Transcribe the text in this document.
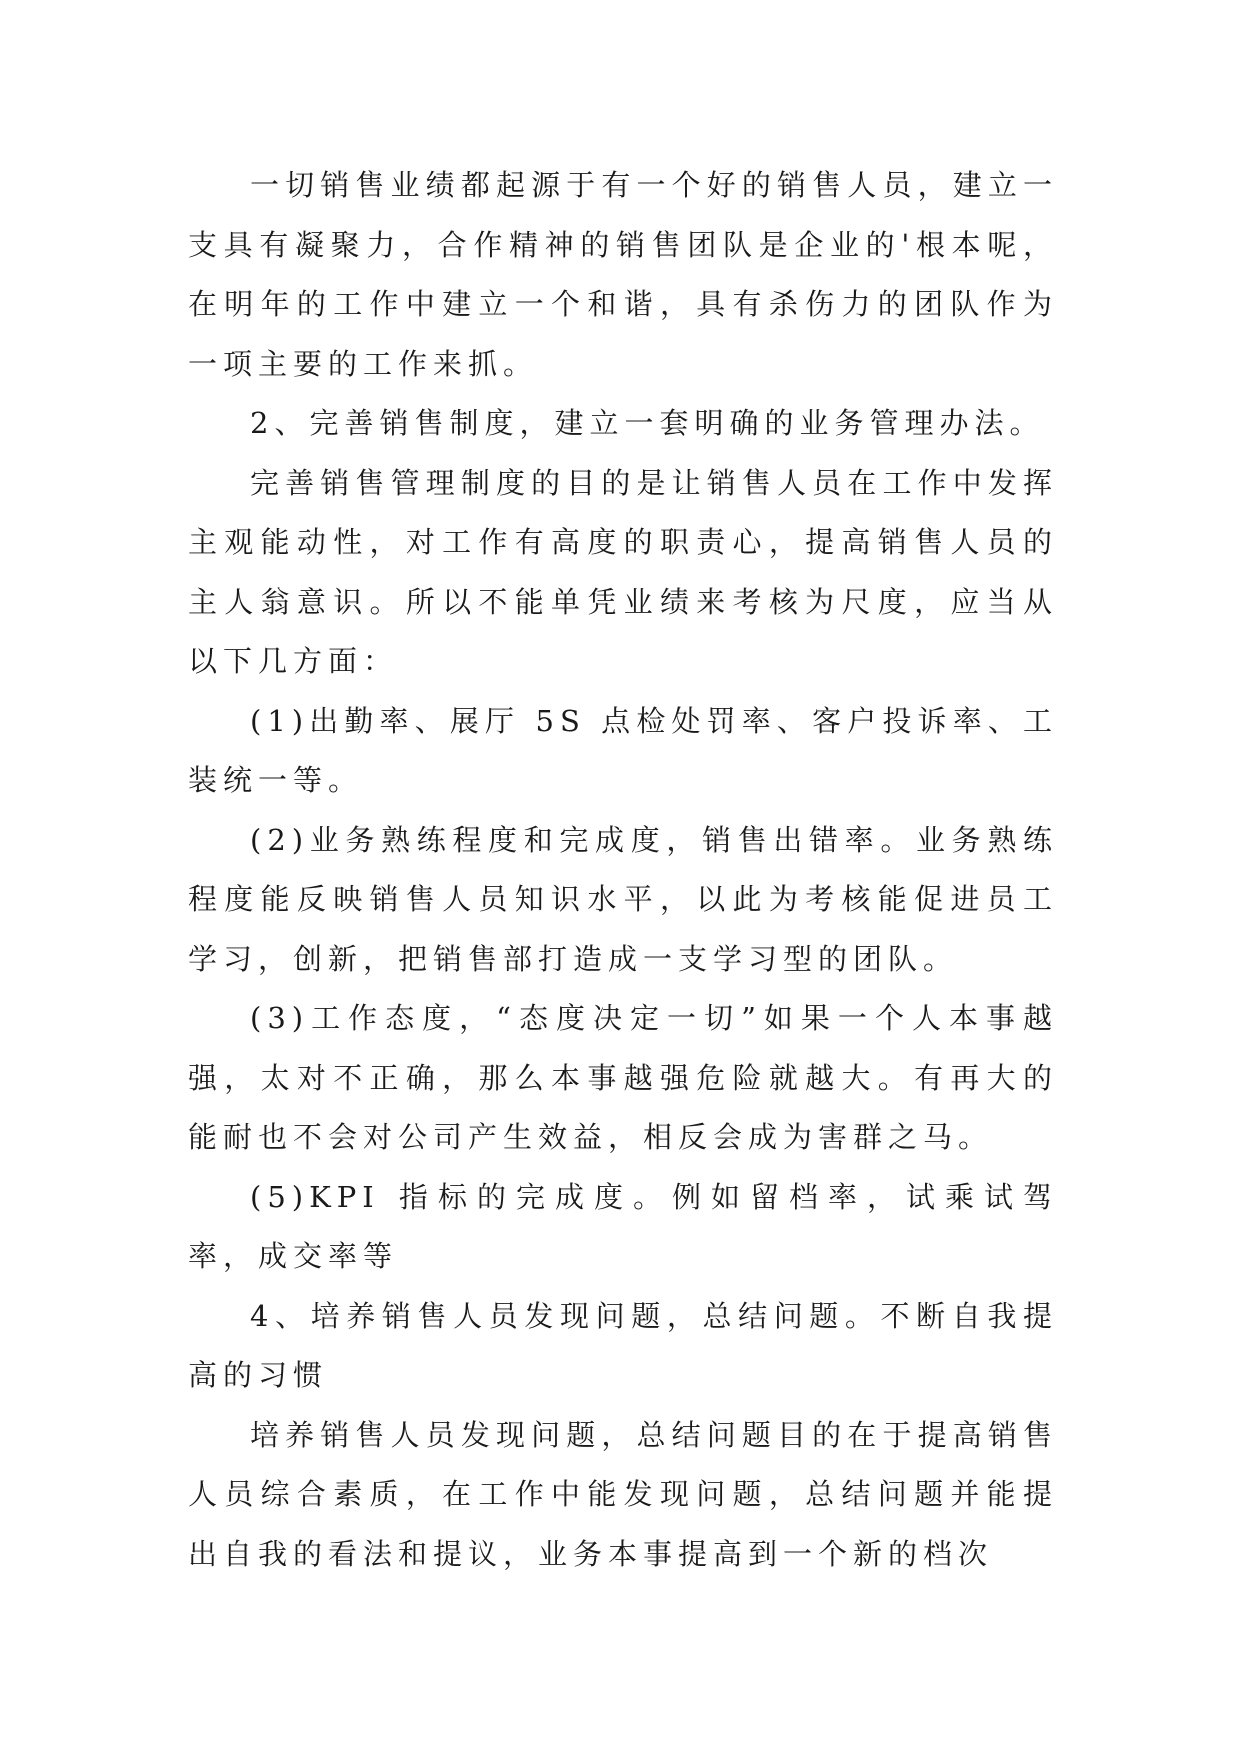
一切销售业绩都起源于有一个好的销售人员，建立一支具有凝聚力，合作精神的销售团队是企业的'根本呢，在明年的工作中建立一个和谐，具有杀伤力的团队作为一项主要的工作来抓。

2、完善销售制度，建立一套明确的业务管理办法。

完善销售管理制度的目的是让销售人员在工作中发挥主观能动性，对工作有高度的职责心，提高销售人员的主人翁意识。所以不能单凭业绩来考核为尺度，应当从以下几方面：

(1)出勤率、展厅 5S 点检处罚率、客户投诉率、工装统一等。

(2)业务熟练程度和完成度，销售出错率。业务熟练程度能反映销售人员知识水平，以此为考核能促进员工学习，创新，把销售部打造成一支学习型的团队。

(3)工作态度，“态度决定一切”如果一个人本事越强，太对不正确，那么本事越强危险就越大。有再大的能耐也不会对公司产生效益，相反会成为害群之马。

(5)KPI 指标的完成度。例如留档率，试乘试驾率，成交率等

4、培养销售人员发现问题，总结问题。不断自我提高的习惯

培养销售人员发现问题，总结问题目的在于提高销售人员综合素质，在工作中能发现问题，总结问题并能提出自我的看法和提议，业务本事提高到一个新的档次
